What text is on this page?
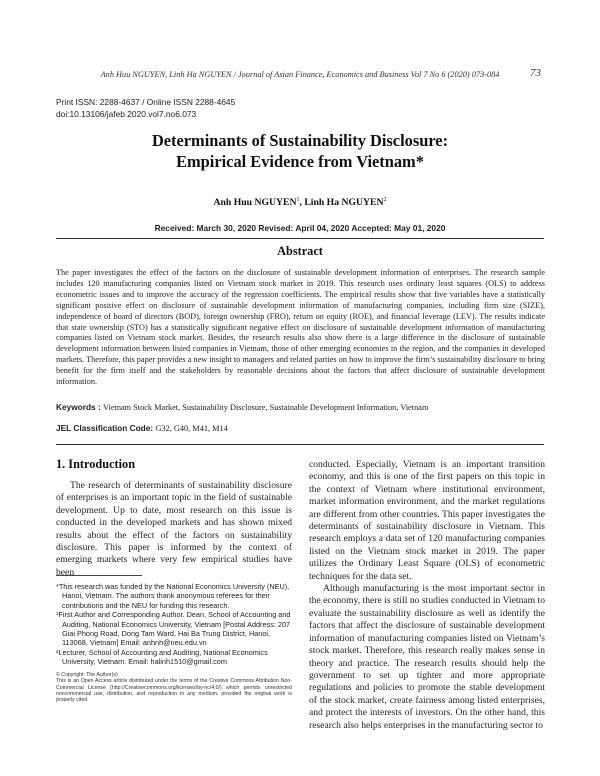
Anh Huu NGUYEN, Linh Ha NGUYEN / Journal of Asian Finance, Economics and Business Vol 7 No 6 (2020) 073-084	73
Print ISSN: 2288-4637 / Online ISSN 2288-4645
doi:10.13106/jafeb.2020.vol7.no6.073
Determinants of Sustainability Disclosure:
Empirical Evidence from Vietnam*
Anh Huu NGUYEN$^1$, Linh Ha NGUYEN$^2$
Received: March 30, 2020 Revised: April 04, 2020 Accepted: May 01, 2020
Abstract
The paper investigates the effect of the factors on the disclosure of sustainable development information of enterprises. The research sample includes 120 manufacturing companies listed on Vietnam stock market in 2019. This research uses ordinary least squares (OLS) to address econometric issues and to improve the accuracy of the regression coefficients. The empirical results show that five variables have a statistically significant positive effect on disclosure of sustainable development information of manufacturing companies, including firm size (SIZE), independence of board of directors (BOD), foreign ownership (FRO), return on equity (ROE), and financial leverage (LEV). The results indicate that state ownership (STO) has a statistically significant negative effect on disclosure of sustainable development information of manufacturing companies listed on Vietnam stock market. Besides, the research results also show there is a large difference in the disclosure of sustainable development information between listed companies in Vietnam, those of other emerging economies in the region, and the companies in developed markets. Therefore, this paper provides a new insight to managers and related parties on how to improve the firm’s sustainability disclosure to bring benefit for the firm itself and the stakeholders by reasonable decisions about the factors that affect disclosure of sustainable development information.
Keywords : Vietnam Stock Market, Sustainability Disclosure, Sustainable Development Information, Vietnam
JEL Classification Code: G32, G40, M41, M14
1. Introduction

The research of determinants of sustainability disclosure of enterprises is an important topic in the field of sustainable development. Up to date, most research on this issue is conducted in the developed markets and has shown mixed results about the effect of the factors on sustainability disclosure. This paper is informed by the context of emerging markets where very few empirical studies have been

*This research was funded by the National Economics University (NEU), Hanoi, Vietnam. The authors thank anonymous referees for their contributions and the NEU for funding this research.
¹First Author and Corresponding Author. Dean, School of Accounting and Auditing, National Economics University, Vietnam [Postal Address: 207 Giai Phong Road, Dong Tam Ward, Hai Ba Trung District, Hanoi, 113068, Vietnam] Email: anhnh@neu.edu.vn
²Lecturer, School of Accounting and Auditing, National Economics University, Vietnam. Email: halinh1510@gmail.com
© Copyright: The Author(s)
This is an Open Access article distributed under the terms of the Creative Commons Attribution Non-Commercial License (http://Creativecommons.org/licenses/by-nc/4.0/) which permits unrestricted noncommercial use, distribution, and reproduction in any medium, provided the original work is properly cited.

conducted. Especially, Vietnam is an important transition economy, and this is one of the first papers on this topic in the context of Vietnam where institutional environment, market information environment, and the market regulations are different from other countries. This paper investigates the determinants of sustainability disclosure in Vietnam. This research employs a data set of 120 manufacturing companies listed on the Vietnam stock market in 2019. The paper utilizes the Ordinary Least Square (OLS) of econometric techniques for the data set.

Although manufacturing is the most important sector in the economy, there is still no studies conducted in Vietnam to evaluate the sustainability disclosure as well as identify the factors that affect the disclosure of sustainable development information of manufacturing companies listed on Vietnam’s stock market. Therefore, this research really makes sense in theory and practice. The research results should help the government to set up tighter and more appropriate regulations and policies to promote the stable development of the stock market, create fairness among listed enterprises, and protect the interests of investors. On the other hand, this research also helps enterprises in the manufacturing sector to
